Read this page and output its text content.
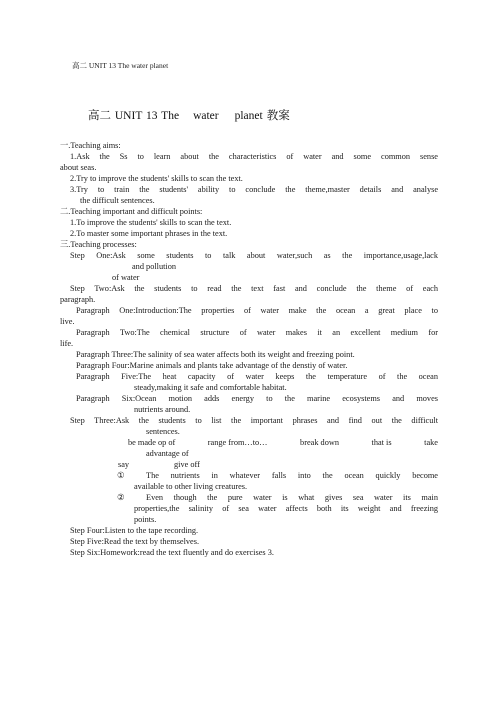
高二 UNIT 13 The water planet
高二 UNIT 13 The water planet 教案
一.Teaching aims:
1.Ask the Ss to learn about the characteristics of water and some common sense
about seas.
2.Try to improve the students' skills to scan the text.
3.Try to train the students' ability to conclude the theme,master details and analyse
the difficult sentences.
二.Teaching important and difficult points:
1.To improve the students' skills to scan the text.
2.To master some important phrases in the text.
三.Teaching processes:
Step One:Ask some students to talk about water,such as the importance,usage,lack
and pollution
of water
Step Two:Ask the students to read the text fast and conclude the theme of each
paragraph.
Paragraph One:Introduction:The properties of water make the ocean a great place to
live.
Paragraph Two:The chemical structure of water makes it an excellent medium for
life.
Paragraph Three:The salinity of sea water affects both its weight and freezing point.
Paragraph Four:Marine animals and plants take advantage of the denstiy of water.
Paragraph Five:The heat capacity of water keeps the temperature of the ocean
steady,making it safe and comfortable habitat.
Paragraph Six:Ocean motion adds energy to the marine ecosystems and moves
nutrients around.
Step Three:Ask the students to list the important phrases and find out the difficult
sentences.
be made op of	range from…to…	break down	that is	take
advantage of
say	give off
①	The nutrients in whatever falls into the ocean quickly become
available to other living creatures.
②	Even though the pure water is what gives sea water its main
properties,the salinity of sea water affects both its weight and freezing
points.
Step Four:Listen to the tape recording.
Step Five:Read the text by themselves.
Step Six:Homework:read the text fluently and do exercises 3.
